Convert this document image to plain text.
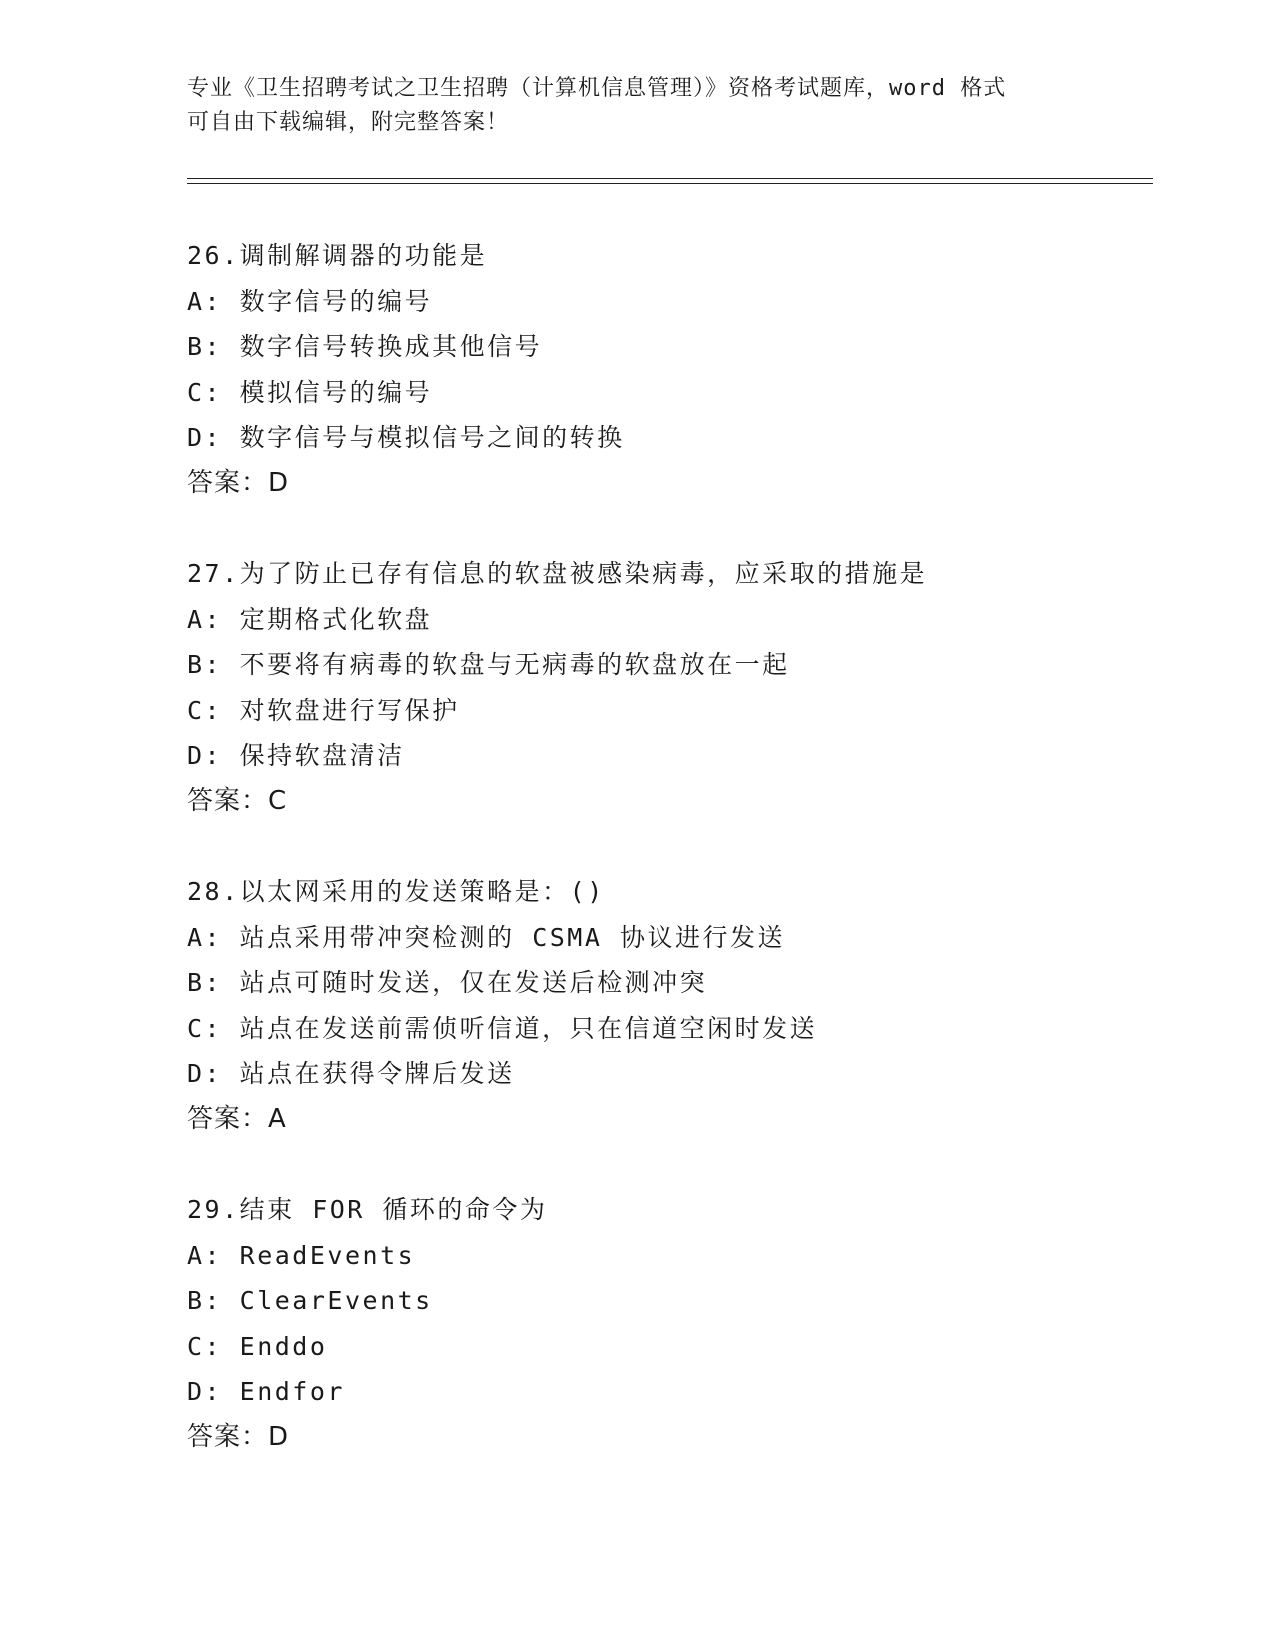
专业《卫生招聘考试之卫生招聘（计算机信息管理）》资格考试题库，word 格式
可自由下载编辑，附完整答案！
26.调制解调器的功能是
A: 数字信号的编号
B: 数字信号转换成其他信号
C: 模拟信号的编号
D: 数字信号与模拟信号之间的转换
答案：D
27.为了防止已存有信息的软盘被感染病毒，应采取的措施是
A: 定期格式化软盘
B: 不要将有病毒的软盘与无病毒的软盘放在一起
C: 对软盘进行写保护
D: 保持软盘清洁
答案：C
28.以太网采用的发送策略是：()
A: 站点采用带冲突检测的 CSMA 协议进行发送
B: 站点可随时发送，仅在发送后检测冲突
C: 站点在发送前需侦听信道，只在信道空闲时发送
D: 站点在获得令牌后发送
答案：A
29.结束 FOR 循环的命令为
A: ReadEvents
B: ClearEvents
C: Enddo
D: Endfor
答案：D
